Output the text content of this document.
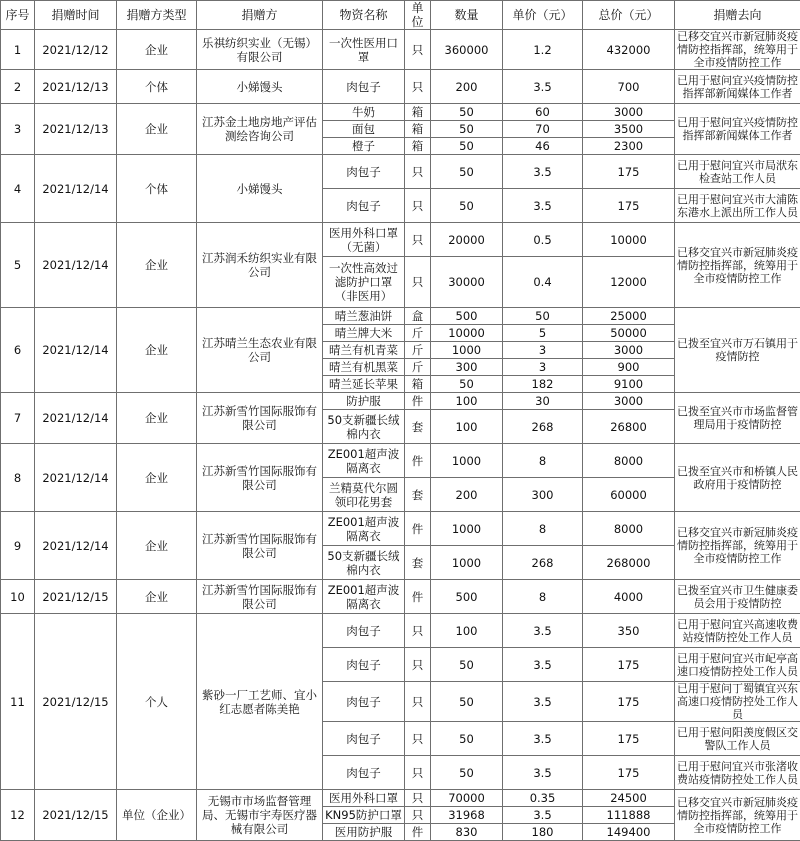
序号	捐赠时间	捐赠方类型	捐赠方	物资名称	单位	数量	单价（元）	总价（元）	捐赠去向
1	2021/12/12	企业	乐祺纺织实业（无锡）有限公司	一次性医用口罩	只	360000	1.2	432000	已移交宜兴市新冠肺炎疫情防控指挥部，统筹用于全市疫情防控工作
2	2021/12/13	个体	小娣馒头	肉包子	只	200	3.5	700	已用于慰问宜兴疫情防控指挥部新闻媒体工作者
3	2021/12/13	企业	江苏金土地房地产评估测绘咨询公司	牛奶	箱	50	60	3000	已用于慰问宜兴疫情防控指挥部新闻媒体工作者
				面包	箱	50	70	3500	
				橙子	箱	50	46	2300	
4	2021/12/14	个体	小娣馒头	肉包子	只	50	3.5	175	已用于慰问宜兴市局洑东检查站工作人员
				肉包子	只	50	3.5	175	已用于慰问宜兴市大浦陈东港水上派出所工作人员
5	2021/12/14	企业	江苏润禾纺织实业有限公司	医用外科口罩（无菌）	只	20000	0.5	10000	已移交宜兴市新冠肺炎疫情防控指挥部，统筹用于全市疫情防控工作
				一次性高效过滤防护口罩（非医用）	只	30000	0.4	12000	
6	2021/12/14	企业	江苏晴兰生态农业有限公司	晴兰葱油饼	盒	500	50	25000	已拨至宜兴市万石镇用于疫情防控
				晴兰牌大米	斤	10000	5	50000	
				晴兰有机青菜	斤	1000	3	3000	
				晴兰有机黑菜	斤	300	3	900	
				晴兰延长苹果	箱	50	182	9100	
7	2021/12/14	企业	江苏新雪竹国际服饰有限公司	防护服	件	100	30	3000	已拨至宜兴市市场监督管理局用于疫情防控
				50支新疆长绒棉内衣	套	100	268	26800	
8	2021/12/14	企业	江苏新雪竹国际服饰有限公司	ZE001超声波隔离衣	件	1000	8	8000	已拨至宜兴市和桥镇人民政府用于疫情防控
				兰精莫代尔圆领印花男套	套	200	300	60000	
9	2021/12/14	企业	江苏新雪竹国际服饰有限公司	ZE001超声波隔离衣	件	1000	8	8000	已移交宜兴市新冠肺炎疫情防控指挥部，统筹用于全市疫情防控工作
				50支新疆长绒棉内衣	套	1000	268	268000	
10	2021/12/15	企业	江苏新雪竹国际服饰有限公司	ZE001超声波隔离衣	件	500	8	4000	已拨至宜兴市卫生健康委员会用于疫情防控
11	2021/12/15	个人	紫砂一厂工艺师、宜小红志愿者陈美艳	肉包子	只	100	3.5	350	已用于慰问宜兴高速收费站疫情防控处工作人员
				肉包子	只	50	3.5	175	已用于慰问宜兴市屺亭高速口疫情防控处工作人员
				肉包子	只	50	3.5	175	已用于慰问丁蜀镇宜兴东高速口疫情防控处工作人员
				肉包子	只	50	3.5	175	已用于慰问阳羡度假区交警队工作人员
				肉包子	只	50	3.5	175	已用于慰问宜兴市张渚收费站疫情防控处工作人员
12	2021/12/15	单位（企业）	无锡市市场监督管理局、无锡市宇寿医疗器械有限公司	医用外科口罩	只	70000	0.35	24500	已移交宜兴市新冠肺炎疫情防控指挥部，统筹用于全市疫情防控工作
				KN95防护口罩	只	31968	3.5	111888	
				医用防护服	件	830	180	149400	
